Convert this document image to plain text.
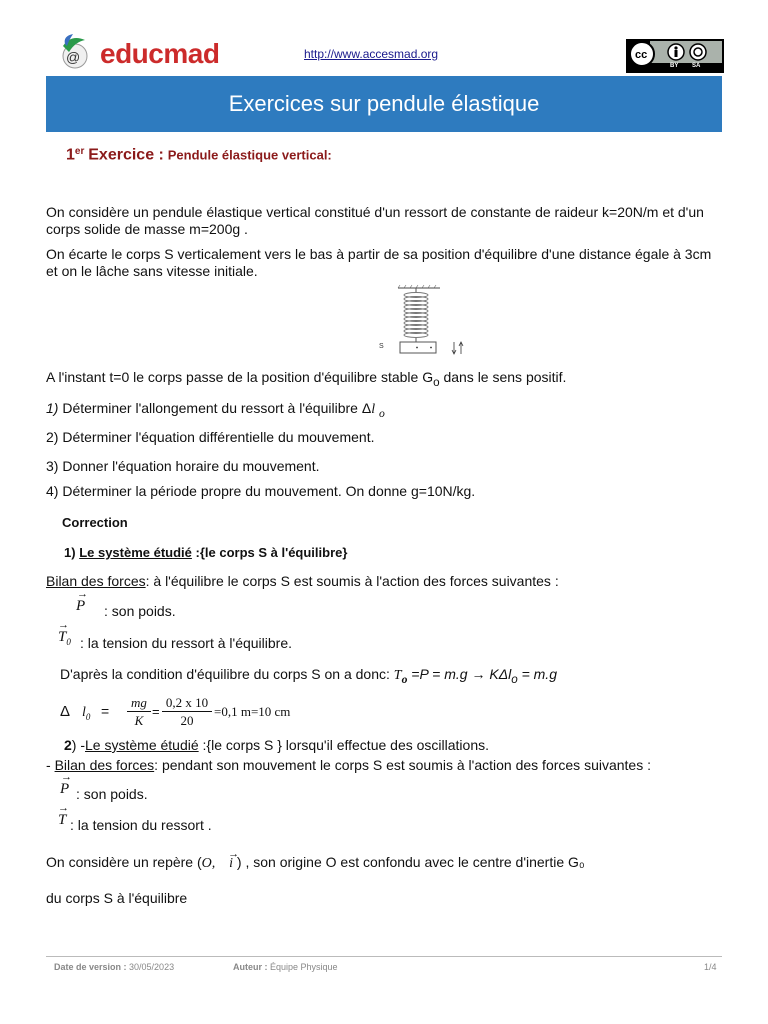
@ educmad	http://www.accesmad.org	cc
BY SA
Exercices sur pendule élastique
1er Exercice : Pendule élastique vertical:
On considère un pendule élastique vertical constitué d'un ressort de constante de raideur k=20N/m et d'un corps solide de masse m=200g .
On écarte le corps S verticalement vers le bas à partir de sa position d'équilibre d'une distance égale à 3cm et on le lâche sans vitesse initiale.
S
A l'instant t=0 le corps passe de la position d'équilibre stable $G_o$ dans le sens positif.
1) Déterminer l'allongement du ressort à l'équilibre Δl $_o$
2) Déterminer l'équation différentielle du mouvement.
3) Donner l'équation horaire du mouvement.
4) Déterminer la période propre du mouvement. On donne g=10N/kg.
Correction
1) Le système étudié :{le corps S à l'équilibre}
Bilan des forces: à l'équilibre le corps S est soumis à l'action des forces suivantes :
→
P : son poids.
→
$T_0$ : la tension du ressort à l'équilibre.
D'après la condition d'équilibre du corps S on a donc: $T_o =P = m.g \to K\Delta l_o = m.g$
Δ $l_0$ =
mg
K
=
0,2 x 10
20
=0,1 m=10 cm
2) -Le système étudié :{le corps S } lorsqu'il effectue des oscillations.
- Bilan des forces: pendant son mouvement le corps S est soumis à l'action des forces suivantes :
→
P : son poids.
→
T : la tension du ressort .
On considère un repère (O,
→
i ) , son origine O est confondu avec le centre d'inertie G₀
du corps S à l'équilibre
Date de version : 30/05/2023	Auteur : Équipe Physique	1/4
